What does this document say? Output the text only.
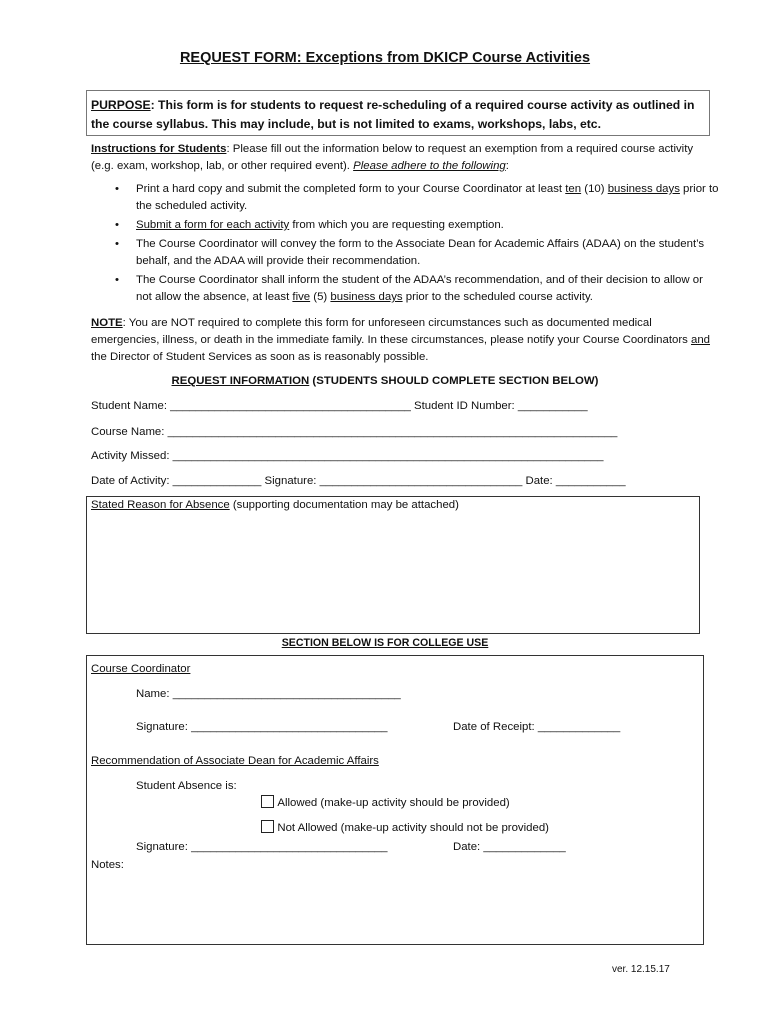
REQUEST FORM: Exceptions from DKICP Course Activities
PURPOSE: This form is for students to request re-scheduling of a required course activity as outlined in the course syllabus. This may include, but is not limited to exams, workshops, labs, etc.
Instructions for Students: Please fill out the information below to request an exemption from a required course activity (e.g. exam, workshop, lab, or other required event). Please adhere to the following:
• Print a hard copy and submit the completed form to your Course Coordinator at least ten (10) business days prior to the scheduled activity.
• Submit a form for each activity from which you are requesting exemption.
• The Course Coordinator will convey the form to the Associate Dean for Academic Affairs (ADAA) on the student’s behalf, and the ADAA will provide their recommendation.
• The Course Coordinator shall inform the student of the ADAA’s recommendation, and of their decision to allow or not allow the absence, at least five (5) business days prior to the scheduled course activity.
NOTE: You are NOT required to complete this form for unforeseen circumstances such as documented medical emergencies, illness, or death in the immediate family. In these circumstances, please notify your Course Coordinators and the Director of Student Services as soon as is reasonably possible.
REQUEST INFORMATION (STUDENTS SHOULD COMPLETE SECTION BELOW)
Student Name: ______________________________________ Student ID Number: ___________
Course Name: _______________________________________________________________________
Activity Missed: ____________________________________________________________________
Date of Activity: ______________ Signature: ________________________________ Date: ___________
Stated Reason for Absence (supporting documentation may be attached)
SECTION BELOW IS FOR COLLEGE USE
Course Coordinator
Name: ____________________________________
Signature: _______________________________	Date of Receipt: _____________
Recommendation of Associate Dean for Academic Affairs
Student Absence is:

Allowed (make-up activity should be provided)

Not Allowed (make-up activity should not be provided)

Signature: _______________________________	Date: _____________
Notes:
ver. 12.15.17
